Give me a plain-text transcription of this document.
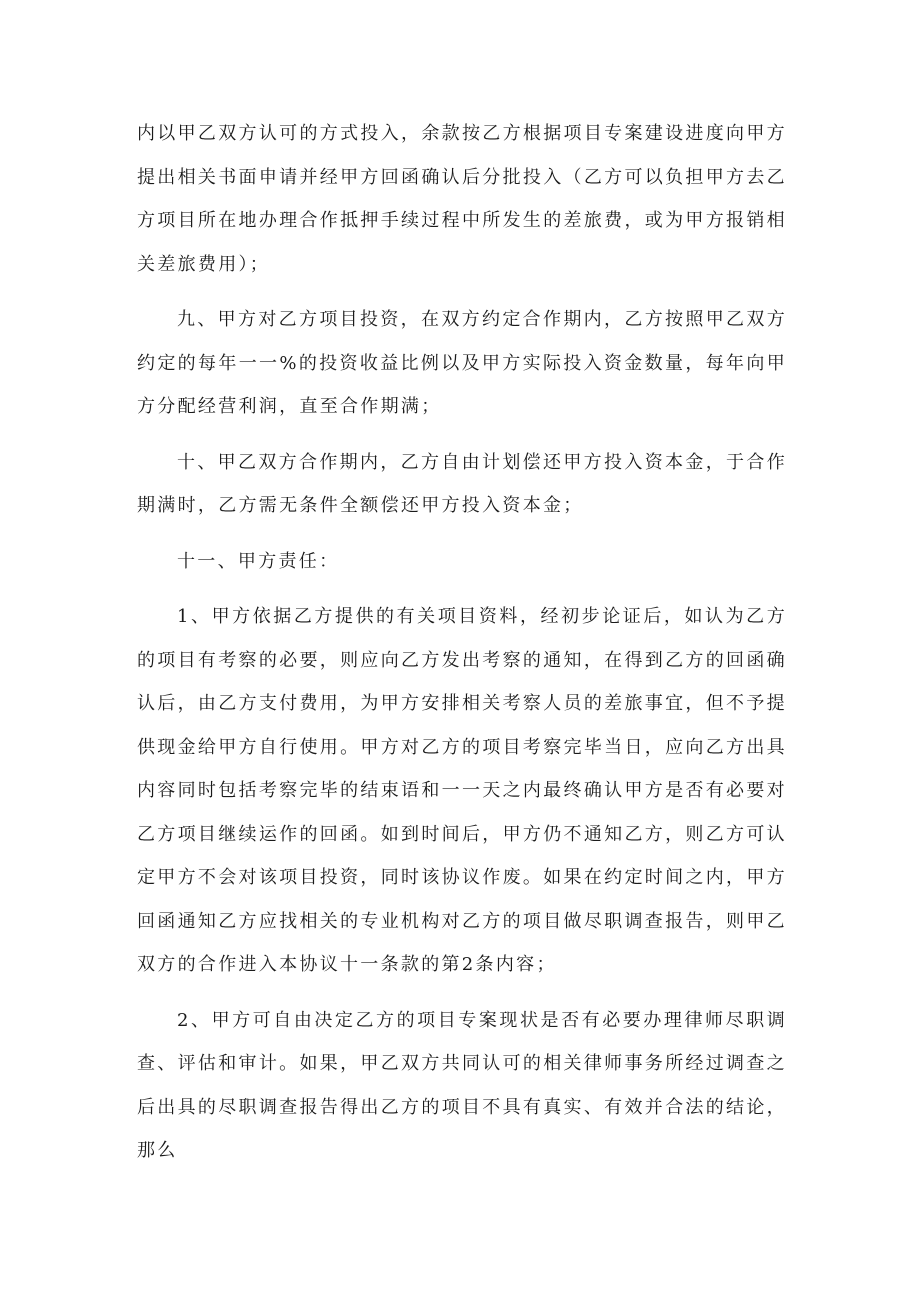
内以甲乙双方认可的方式投入，余款按乙方根据项目专案建设进度向甲方提出相关书面申请并经甲方回函确认后分批投入（乙方可以负担甲方去乙方项目所在地办理合作抵押手续过程中所发生的差旅费，或为甲方报销相关差旅费用）；

九、甲方对乙方项目投资，在双方约定合作期内，乙方按照甲乙双方约定的每年一一%的投资收益比例以及甲方实际投入资金数量，每年向甲方分配经营利润，直至合作期满；

十、甲乙双方合作期内，乙方自由计划偿还甲方投入资本金，于合作期满时，乙方需无条件全额偿还甲方投入资本金；

十一、甲方责任：

1、甲方依据乙方提供的有关项目资料，经初步论证后，如认为乙方的项目有考察的必要，则应向乙方发出考察的通知，在得到乙方的回函确认后，由乙方支付费用，为甲方安排相关考察人员的差旅事宜，但不予提供现金给甲方自行使用。甲方对乙方的项目考察完毕当日，应向乙方出具内容同时包括考察完毕的结束语和一一天之内最终确认甲方是否有必要对乙方项目继续运作的回函。如到时间后，甲方仍不通知乙方，则乙方可认定甲方不会对该项目投资，同时该协议作废。如果在约定时间之内，甲方回函通知乙方应找相关的专业机构对乙方的项目做尽职调查报告，则甲乙双方的合作进入本协议十一条款的第2条内容；

2、甲方可自由决定乙方的项目专案现状是否有必要办理律师尽职调查、评估和审计。如果，甲乙双方共同认可的相关律师事务所经过调查之后出具的尽职调查报告得出乙方的项目不具有真实、有效并合法的结论，那么
